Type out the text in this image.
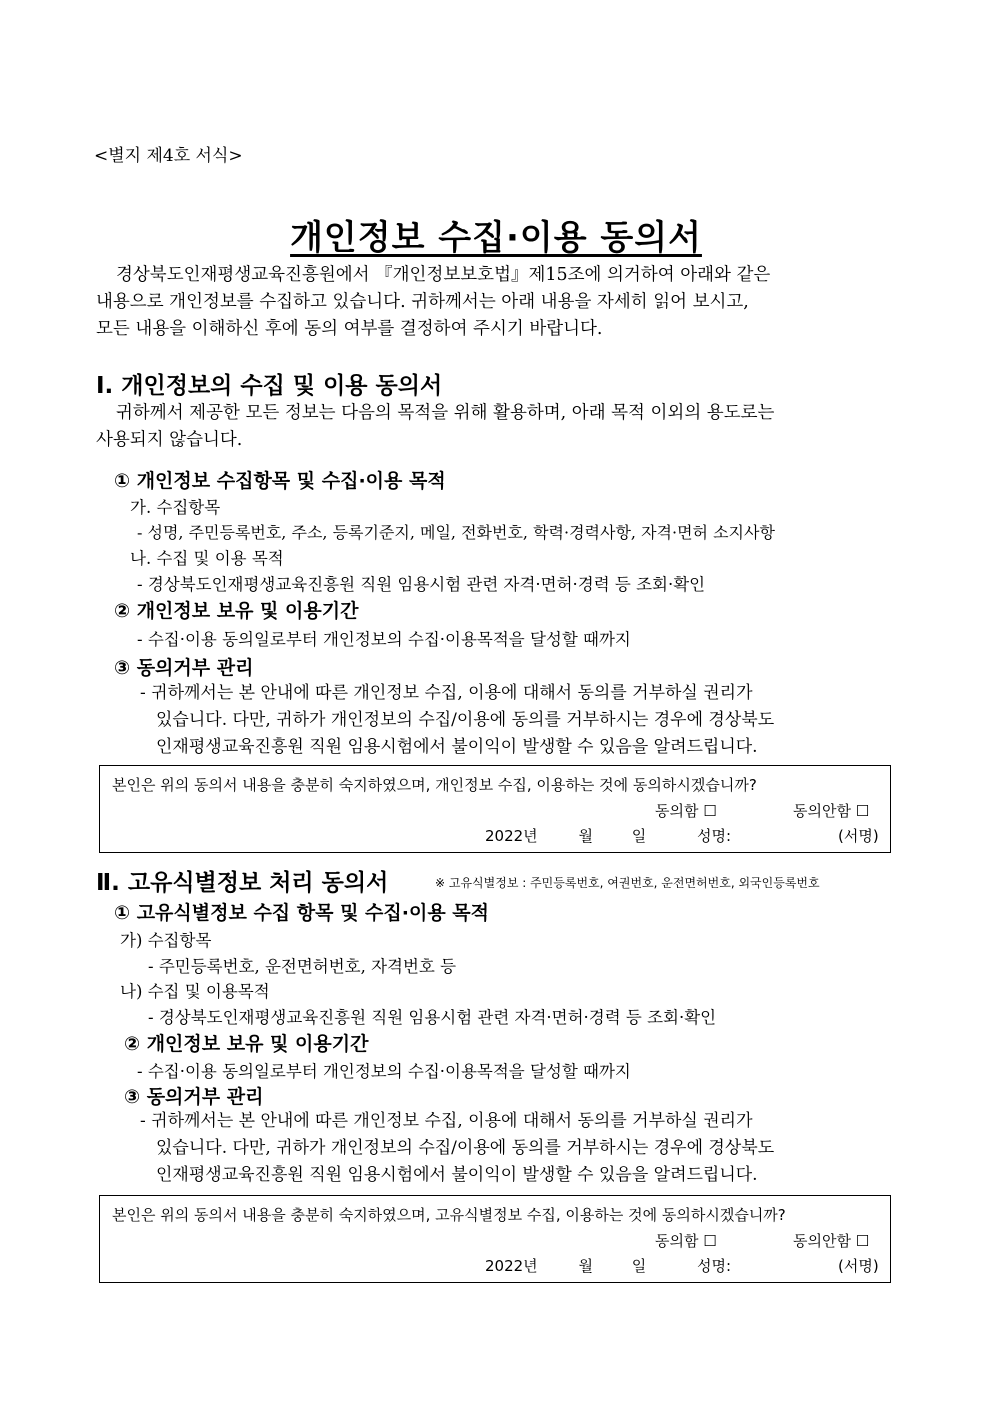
<별지 제4호 서식>
개인정보 수집·이용 동의서

경상북도인재평생교육진흥원에서 『개인정보보호법』제15조에 의거하여 아래와 같은

내용으로 개인정보를 수집하고 있습니다. 귀하께서는 아래 내용을 자세히 읽어 보시고,

모든 내용을 이해하신 후에 동의 여부를 결정하여 주시기 바랍니다.

Ⅰ. 개인정보의 수집 및 이용 동의서

귀하께서 제공한 모든 정보는 다음의 목적을 위해 활용하며, 아래 목적 이외의 용도로는

사용되지 않습니다.

① 개인정보 수집항목 및 수집·이용 목적
가. 수집항목
- 성명, 주민등록번호, 주소, 등록기준지, 메일, 전화번호, 학력·경력사항, 자격·면허 소지사항
나. 수집 및 이용 목적
- 경상북도인재평생교육진흥원 직원 임용시험 관련 자격·면허·경력 등 조회·확인
② 개인정보 보유 및 이용기간
- 수집·이용 동의일로부터 개인정보의 수집·이용목적을 달성할 때까지
③ 동의거부 관리

- 귀하께서는 본 안내에 따른 개인정보 수집, 이용에 대해서 동의를 거부하실 권리가

있습니다. 다만, 귀하가 개인정보의 수집/이용에 동의를 거부하시는 경우에 경상북도

인재평생교육진흥원 직원 임용시험에서 불이익이 발생할 수 있음을 알려드립니다.

본인은 위의 동의서 내용을 충분히 숙지하였으며, 개인정보 수집, 이용하는 것에 동의하시겠습니까?
동의함 ☐	동의안함 ☐
2022년	월	일	성명:	(서명)
Ⅱ. 고유식별정보 처리 동의서	※ 고유식별정보 : 주민등록번호, 여권번호, 운전면허번호, 외국인등록번호
① 고유식별정보 수집 항목 및 수집·이용 목적
가) 수집항목
- 주민등록번호, 운전면허번호, 자격번호 등
나) 수집 및 이용목적
- 경상북도인재평생교육진흥원 직원 임용시험 관련 자격·면허·경력 등 조회·확인
② 개인정보 보유 및 이용기간
- 수집·이용 동의일로부터 개인정보의 수집·이용목적을 달성할 때까지
③ 동의거부 관리

- 귀하께서는 본 안내에 따른 개인정보 수집, 이용에 대해서 동의를 거부하실 권리가

있습니다. 다만, 귀하가 개인정보의 수집/이용에 동의를 거부하시는 경우에 경상북도

인재평생교육진흥원 직원 임용시험에서 불이익이 발생할 수 있음을 알려드립니다.

본인은 위의 동의서 내용을 충분히 숙지하였으며, 고유식별정보 수집, 이용하는 것에 동의하시겠습니까?
동의함 ☐	동의안함 ☐
2022년	월	일	성명:	(서명)
